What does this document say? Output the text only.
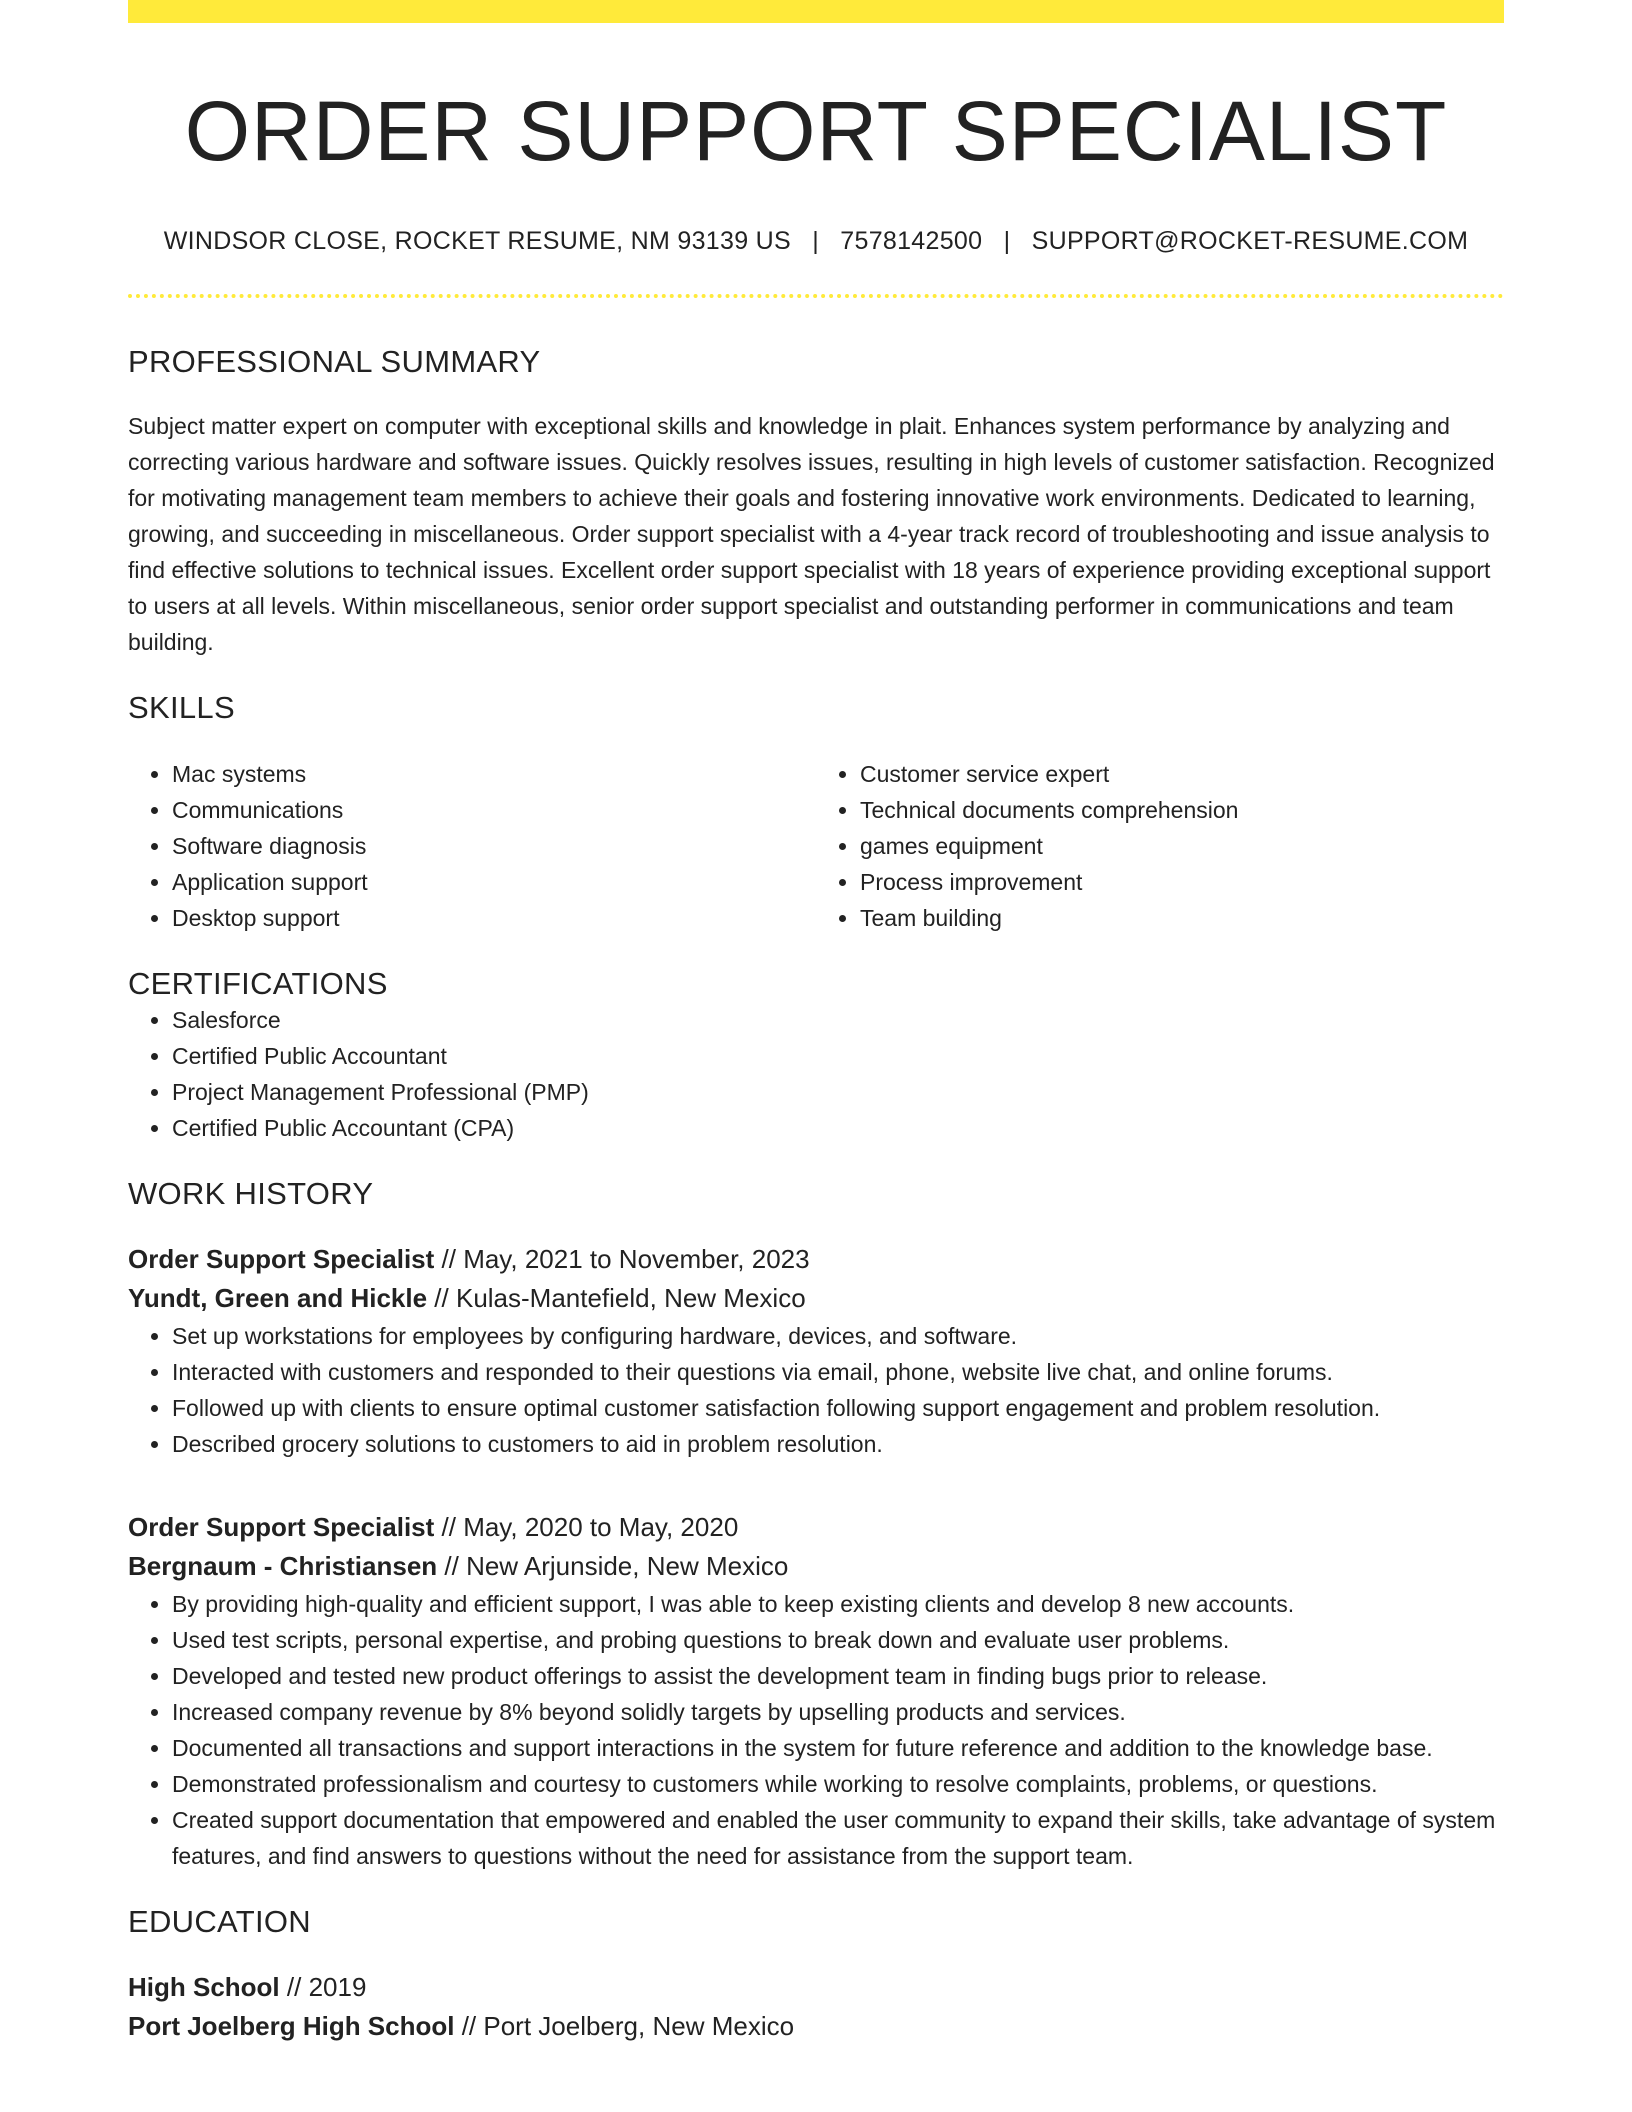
ORDER SUPPORT SPECIALIST
WINDSOR CLOSE, ROCKET RESUME, NM 93139 US | 7578142500 | SUPPORT@ROCKET-RESUME.COM
PROFESSIONAL SUMMARY
Subject matter expert on computer with exceptional skills and knowledge in plait. Enhances system performance by analyzing and correcting various hardware and software issues. Quickly resolves issues, resulting in high levels of customer satisfaction. Recognized for motivating management team members to achieve their goals and fostering innovative work environments. Dedicated to learning, growing, and succeeding in miscellaneous. Order support specialist with a 4-year track record of troubleshooting and issue analysis to find effective solutions to technical issues. Excellent order support specialist with 18 years of experience providing exceptional support to users at all levels. Within miscellaneous, senior order support specialist and outstanding performer in communications and team building.
SKILLS
• Mac systems
• Communications
• Software diagnosis
• Application support
• Desktop support
• Customer service expert
• Technical documents comprehension
• games equipment
• Process improvement
• Team building
CERTIFICATIONS
• Salesforce
• Certified Public Accountant
• Project Management Professional (PMP)
• Certified Public Accountant (CPA)
WORK HISTORY
Order Support Specialist // May, 2021 to November, 2023
Yundt, Green and Hickle // Kulas-Mantefield, New Mexico
• Set up workstations for employees by configuring hardware, devices, and software.
• Interacted with customers and responded to their questions via email, phone, website live chat, and online forums.
• Followed up with clients to ensure optimal customer satisfaction following support engagement and problem resolution.
• Described grocery solutions to customers to aid in problem resolution.
Order Support Specialist // May, 2020 to May, 2020
Bergnaum - Christiansen // New Arjunside, New Mexico
• By providing high-quality and efficient support, I was able to keep existing clients and develop 8 new accounts.
• Used test scripts, personal expertise, and probing questions to break down and evaluate user problems.
• Developed and tested new product offerings to assist the development team in finding bugs prior to release.
• Increased company revenue by 8% beyond solidly targets by upselling products and services.
• Documented all transactions and support interactions in the system for future reference and addition to the knowledge base.
• Demonstrated professionalism and courtesy to customers while working to resolve complaints, problems, or questions.
• Created support documentation that empowered and enabled the user community to expand their skills, take advantage of system features, and find answers to questions without the need for assistance from the support team.
EDUCATION
High School // 2019
Port Joelberg High School // Port Joelberg, New Mexico
